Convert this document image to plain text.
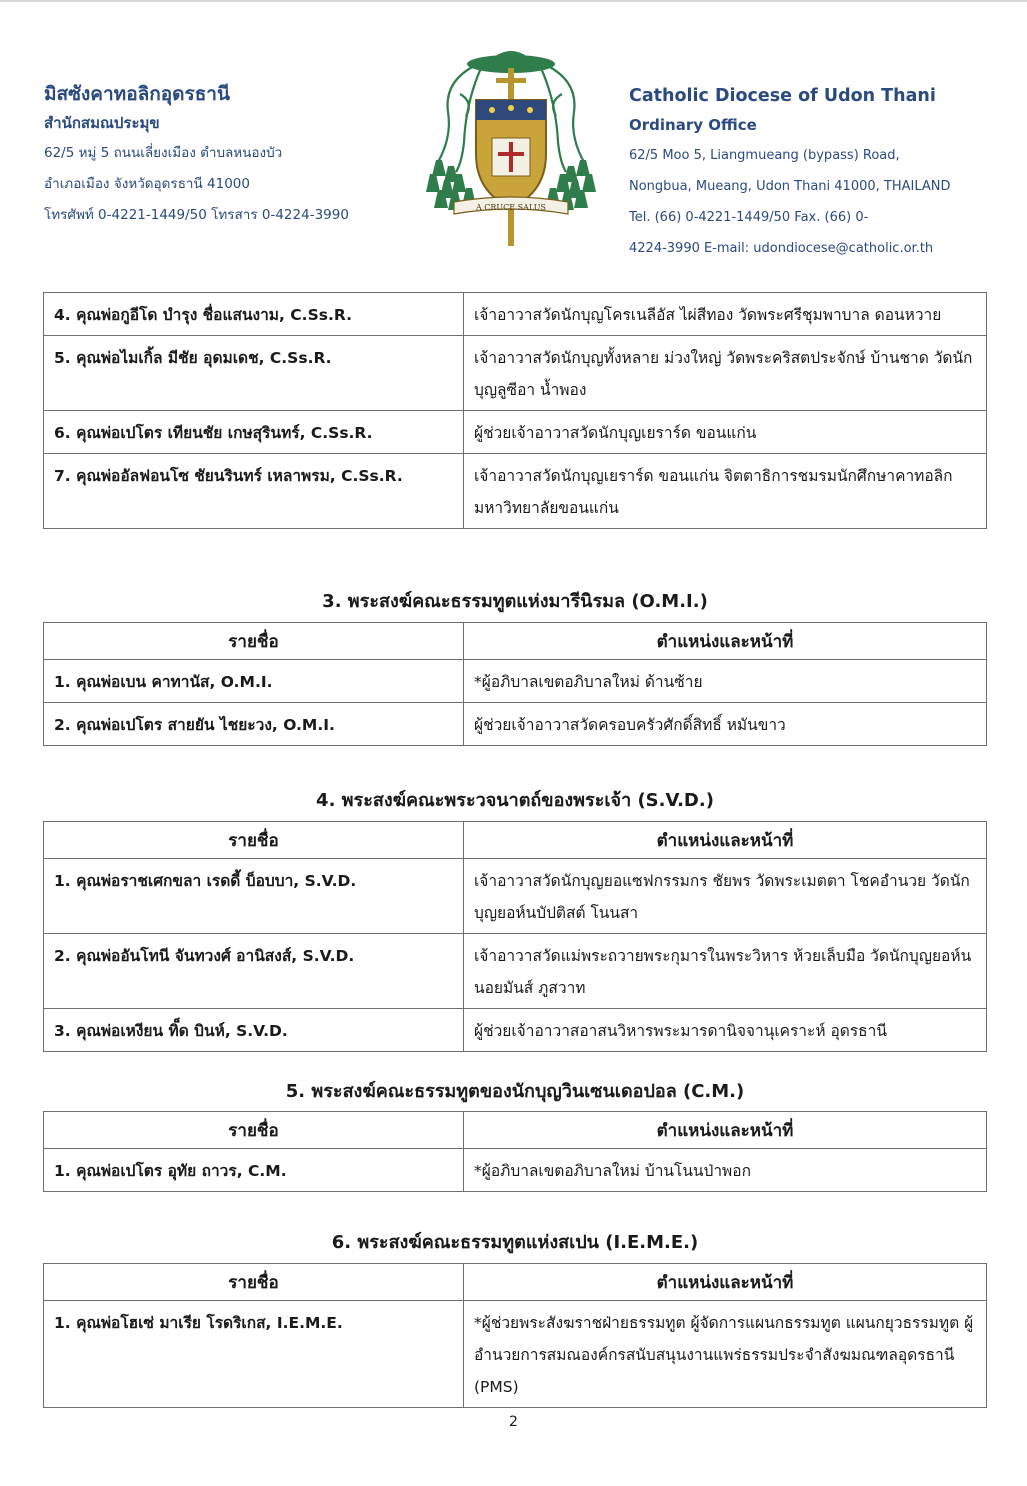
มิสซังคาทอลิกอุดรธานี
สำนักสมณประมุข
62/5 หมู่ 5 ถนนเลี่ยงเมือง ตำบลหนองบัว
อำเภอเมือง จังหวัดอุดรธานี 41000
โทรศัพท์ 0-4221-1449/50 โทรสาร 0-4224-3990	A CRUCE SALUS
Catholic Diocese of Udon Thani
Ordinary Office
62/5 Moo 5, Liangmueang (bypass) Road,
Nongbua, Mueang, Udon Thani 41000, THAILAND
Tel. (66) 0-4221-1449/50 Fax. (66) 0-
4224-3990 E-mail: udondiocese@catholic.or.th
4. คุณพ่อกูอีโด บำรุง ชื่อแสนงาม, C.Ss.R.	เจ้าอาวาสวัดนักบุญโครเนลีอัส ไผ่สีทอง วัดพระศรีชุมพาบาล ดอนหวาย
5. คุณพ่อไมเกิ้ล มีชัย อุดมเดช, C.Ss.R.	เจ้าอาวาสวัดนักบุญทั้งหลาย ม่วงใหญ่ วัดพระคริสตประจักษ์ บ้านชาด วัดนักบุญลูซีอา น้ำพอง
6. คุณพ่อเปโตร เทียนชัย เกษสุรินทร์, C.Ss.R.	ผู้ช่วยเจ้าอาวาสวัดนักบุญเยราร์ด ขอนแก่น
7. คุณพ่ออัลฟอนโซ ชัยนรินทร์ เหลาพรม, C.Ss.R.	เจ้าอาวาสวัดนักบุญเยราร์ด ขอนแก่น จิตตาธิการชมรมนักศึกษาคาทอลิก มหาวิทยาลัยขอนแก่น
3. พระสงฆ์คณะธรรมทูตแห่งมารีนิรมล (O.M.I.)
รายชื่อ	ตำแหน่งและหน้าที่
1. คุณพ่อเบน คาทานัส, O.M.I.	*ผู้อภิบาลเขตอภิบาลใหม่ ด้านซ้าย
2. คุณพ่อเปโตร สายยัน ไชยะวง, O.M.I.	ผู้ช่วยเจ้าอาวาสวัดครอบครัวศักดิ์สิทธิ์ หมันขาว
4. พระสงฆ์คณะพระวจนาตถ์ของพระเจ้า (S.V.D.)
รายชื่อ	ตำแหน่งและหน้าที่
1. คุณพ่อราชเศกขลา เรดดี้ บ็อบบา, S.V.D.	เจ้าอาวาสวัดนักบุญยอแซฟกรรมกร ชัยพร วัดพระเมตตา โชคอำนวย วัดนักบุญยอห์นบัปติสต์ โนนสา
2. คุณพ่ออันโทนี จันทวงศ์ อานิสงส์, S.V.D.	เจ้าอาวาสวัดแม่พระถวายพระกุมารในพระวิหาร ห้วยเล็บมือ วัดนักบุญยอห์นนอยมันส์ ภูสวาท
3. คุณพ่อเหงียน ทิ็ด บินห์, S.V.D.	ผู้ช่วยเจ้าอาวาสอาสนวิหารพระมารดานิจจานุเคราะห์ อุดรธานี
5. พระสงฆ์คณะธรรมทูตของนักบุญวินเซนเดอปอล (C.M.)
รายชื่อ	ตำแหน่งและหน้าที่
1. คุณพ่อเปโตร อุทัย ถาวร, C.M.	*ผู้อภิบาลเขตอภิบาลใหม่ บ้านโนนป่าพอก
6. พระสงฆ์คณะธรรมทูตแห่งสเปน (I.E.M.E.)
รายชื่อ	ตำแหน่งและหน้าที่
1. คุณพ่อโฮเซ่ มาเรีย โรดริเกส, I.E.M.E.	*ผู้ช่วยพระสังฆราชฝ่ายธรรมทูต ผู้จัดการแผนกธรรมทูต แผนกยุวธรรมทูต ผู้อำนวยการสมณองค์กรสนับสนุนงานแพร่ธรรมประจำสังฆมณฑลอุดรธานี (PMS)
2
